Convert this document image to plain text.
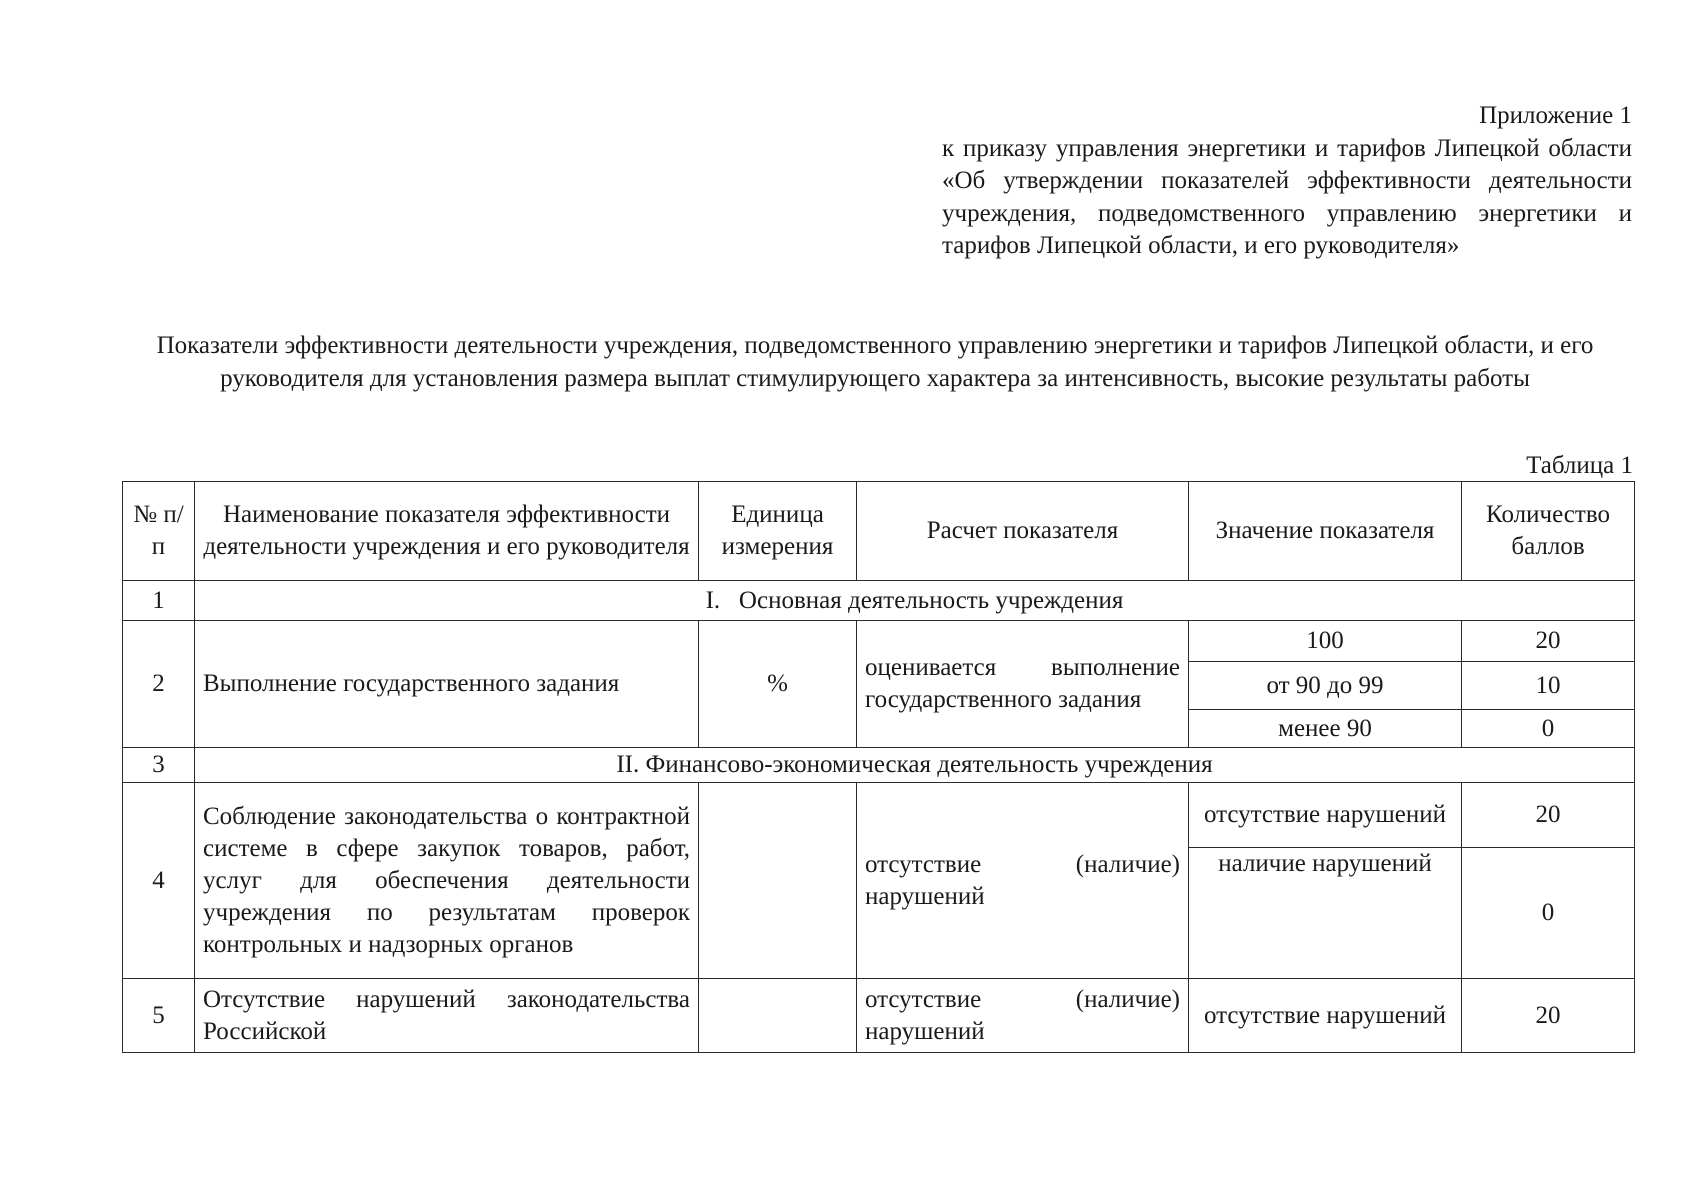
Приложение 1
к приказу управления энергетики и тарифов Липецкой области «Об утверждении показателей эффективности деятельности учреждения, подведомственного управлению энергетики и тарифов Липецкой области, и его руководителя»
Показатели эффективности деятельности учреждения, подведомственного управлению энергетики и тарифов Липецкой области, и его руководителя для установления размера выплат стимулирующего характера за интенсивность, высокие результаты работы
Таблица 1
№ п/п	Наименование показателя эффективности деятельности учреждения и его руководителя	Единица измерения	Расчет показателя	Значение показателя	Количество баллов
1	I.   Основная деятельность учреждения				
2	Выполнение государственного задания	%	оценивается выполнение государственного задания	100	20
				от 90 до 99	10
				менее 90	0
3	II. Финансово-экономическая деятельность учреждения				
4	Соблюдение законодательства о контрактной системе в сфере закупок товаров, работ, услуг для обеспечения деятельности учреждения по результатам проверок контрольных и надзорных органов		отсутствие (наличие) нарушений	отсутствие нарушений	20
				наличие нарушений	0
5	Отсутствие нарушений законодательства Российской		отсутствие (наличие) нарушений	отсутствие нарушений	20
